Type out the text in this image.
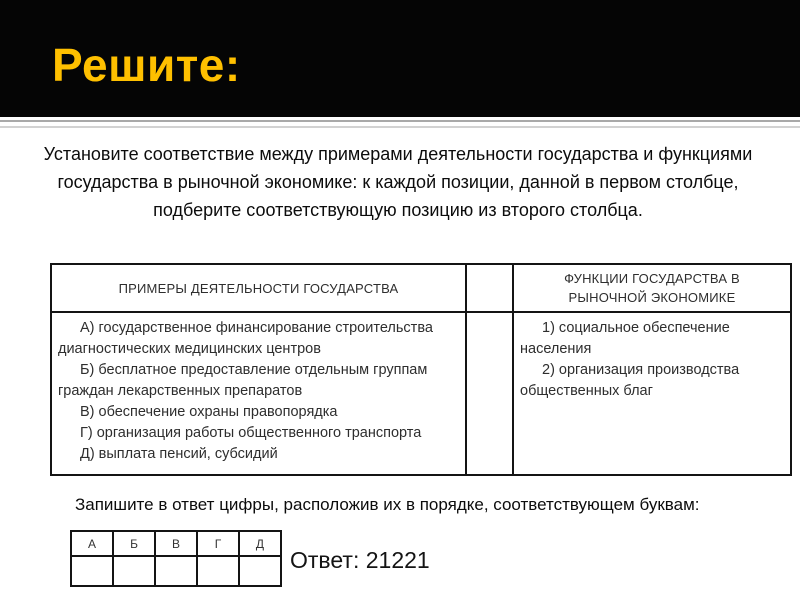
Решите:

Установите соответствие между примерами деятельности государства и функциями государства в рыночной экономике: к каждой позиции, данной в первом столбце, подберите соответствующую позицию из второго столбца.

ПРИМЕРЫ ДЕЯТЕЛЬНОСТИ ГОСУДАРСТВА		ФУНКЦИИ ГОСУДАРСТВА В РЫНОЧНОЙ ЭКОНОМИКЕ

А) государственное финансирование строительства диагностических медицинских центров

Б) бесплатное предоставление отдельным группам граждан лекарственных препаратов

В) обеспечение охраны правопорядка

Г) организация работы общественного транспорта

Д) выплата пенсий, субсидий

1) социальное обеспечение населения

2) организация производства общественных благ

Запишите в ответ цифры, расположив их в порядке, соответствующем буквам:

А	Б	В	Г	Д

Ответ: 21221
